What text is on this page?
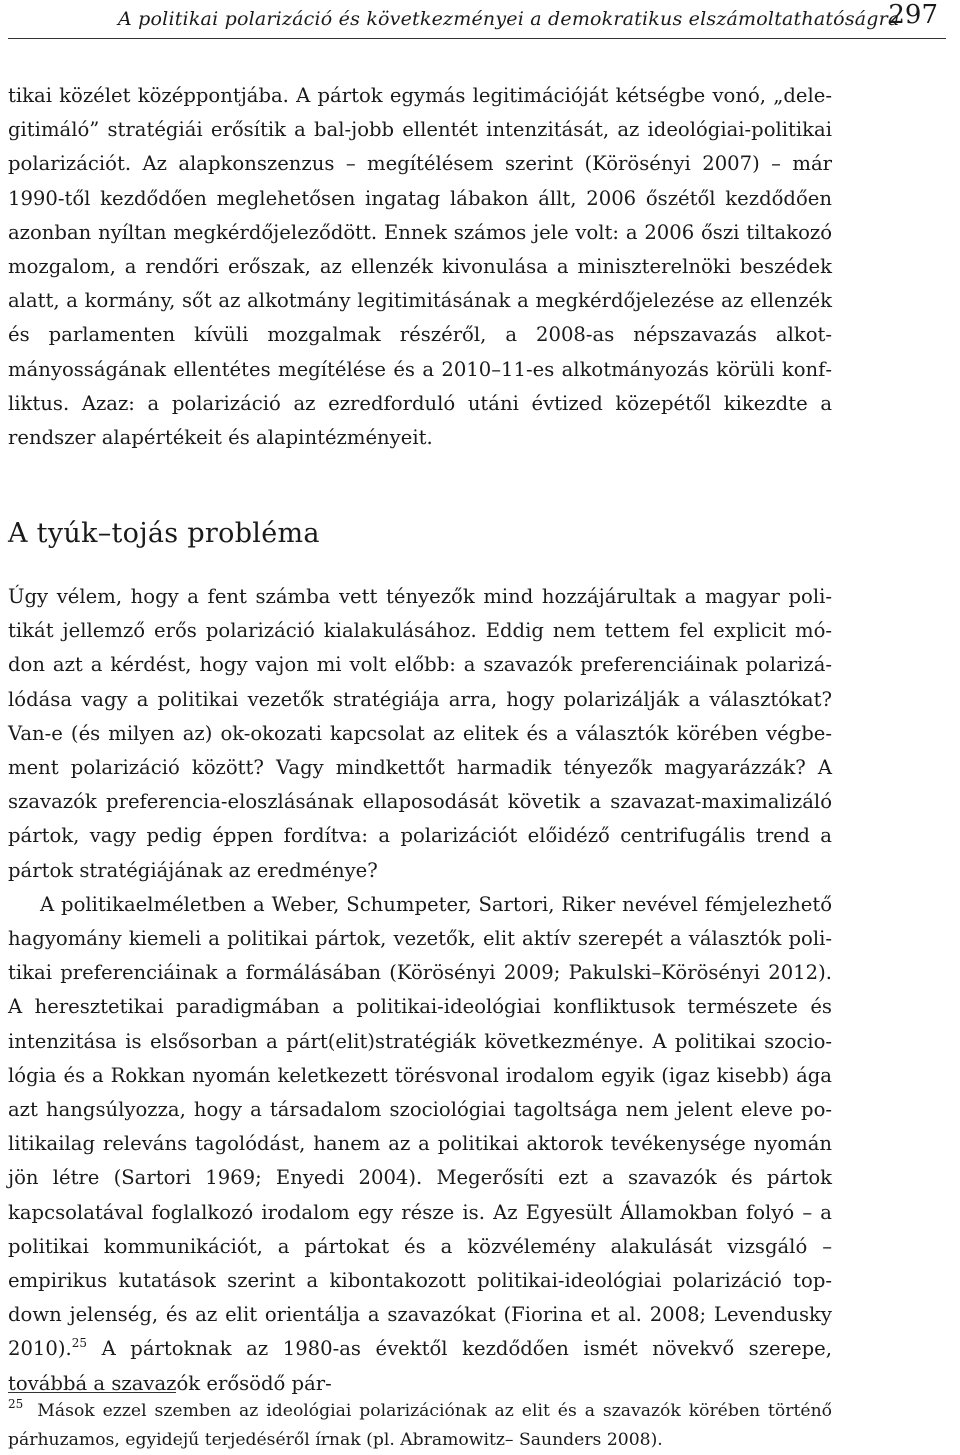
A politikai polarizáció és következményei a demokratikus elszámoltathatóságra
297

tikai közélet középpontjába. A pártok egymás legitimációját kétségbe vonó, „delegitimáló” stratégiái erősítik a bal-jobb ellentét intenzitását, az ideológiai-politikai polarizációt. Az alapkonszenzus – megítélésem szerint (Körösényi 2007) – már 1990-től kezdődően meglehetősen ingatag lábakon állt, 2006 őszétől kezdődően azonban nyíltan megkérdőjeleződött. Ennek számos jele volt: a 2006 őszi tiltakozó mozgalom, a rendőri erőszak, az ellenzék kivonulása a miniszterelnöki beszédek alatt, a kormány, sőt az alkotmány legitimitásának a megkérdőjelezése az ellenzék és parlamenten kívüli mozgalmak részéről, a 2008-as népszavazás alkotmányosságának ellentétes megítélése és a 2010–11-es alkotmányozás körüli konfliktus. Azaz: a polarizáció az ezredforduló utáni évtized közepétől kikezdte a rendszer alapértékeit és alapintézményeit.

A tyúk–tojás probléma

Úgy vélem, hogy a fent számba vett tényezők mind hozzájárultak a magyar politikát jellemző erős polarizáció kialakulásához. Eddig nem tettem fel explicit módon azt a kérdést, hogy vajon mi volt előbb: a szavazók preferenciáinak polarizálódása vagy a politikai vezetők stratégiája arra, hogy polarizálják a választókat? Van-e (és milyen az) ok-okozati kapcsolat az elitek és a választók körében végbement polarizáció között? Vagy mindkettőt harmadik tényezők magyarázzák? A szavazók preferencia-eloszlásának ellaposodását követik a szavazat-maximalizáló pártok, vagy pedig éppen fordítva: a polarizációt előidéző centrifugális trend a pártok stratégiájának az eredménye?

A politikaelméletben a Weber, Schumpeter, Sartori, Riker nevével fémjelezhető hagyomány kiemeli a politikai pártok, vezetők, elit aktív szerepét a választók politikai preferenciáinak a formálásában (Körösényi 2009; Pakulski–Körösényi 2012). A heresztetikai paradigmában a politikai-ideológiai konfliktusok természete és intenzitása is elsősorban a párt(elit)stratégiák következménye. A politikai szociológia és a Rokkan nyomán keletkezett törésvonal irodalom egyik (igaz kisebb) ága azt hangsúlyozza, hogy a társadalom szociológiai tagoltsága nem jelent eleve politikailag releváns tagolódást, hanem az a politikai aktorok tevékenysége nyomán jön létre (Sartori 1969; Enyedi 2004). Megerősíti ezt a szavazók és pártok kapcsolatával foglalkozó irodalom egy része is. Az Egyesült Államokban folyó – a politikai kommunikációt, a pártokat és a közvélemény alakulását vizsgáló – empirikus kutatások szerint a kibontakozott politikai-ideológiai polarizáció top-down jelenség, és az elit orientálja a szavazókat (Fiorina et al. 2008; Levendusky 2010).$^{25}$ A pártoknak az 1980-as évektől kezdődően ismét növekvő szerepe, továbbá a szavazók erősödő pár-

$^{25}$ Mások ezzel szemben az ideológiai polarizációnak az elit és a szavazók körében történő párhuzamos, egyidejű terjedéséről írnak (pl. Abramowitz– Saunders 2008).
